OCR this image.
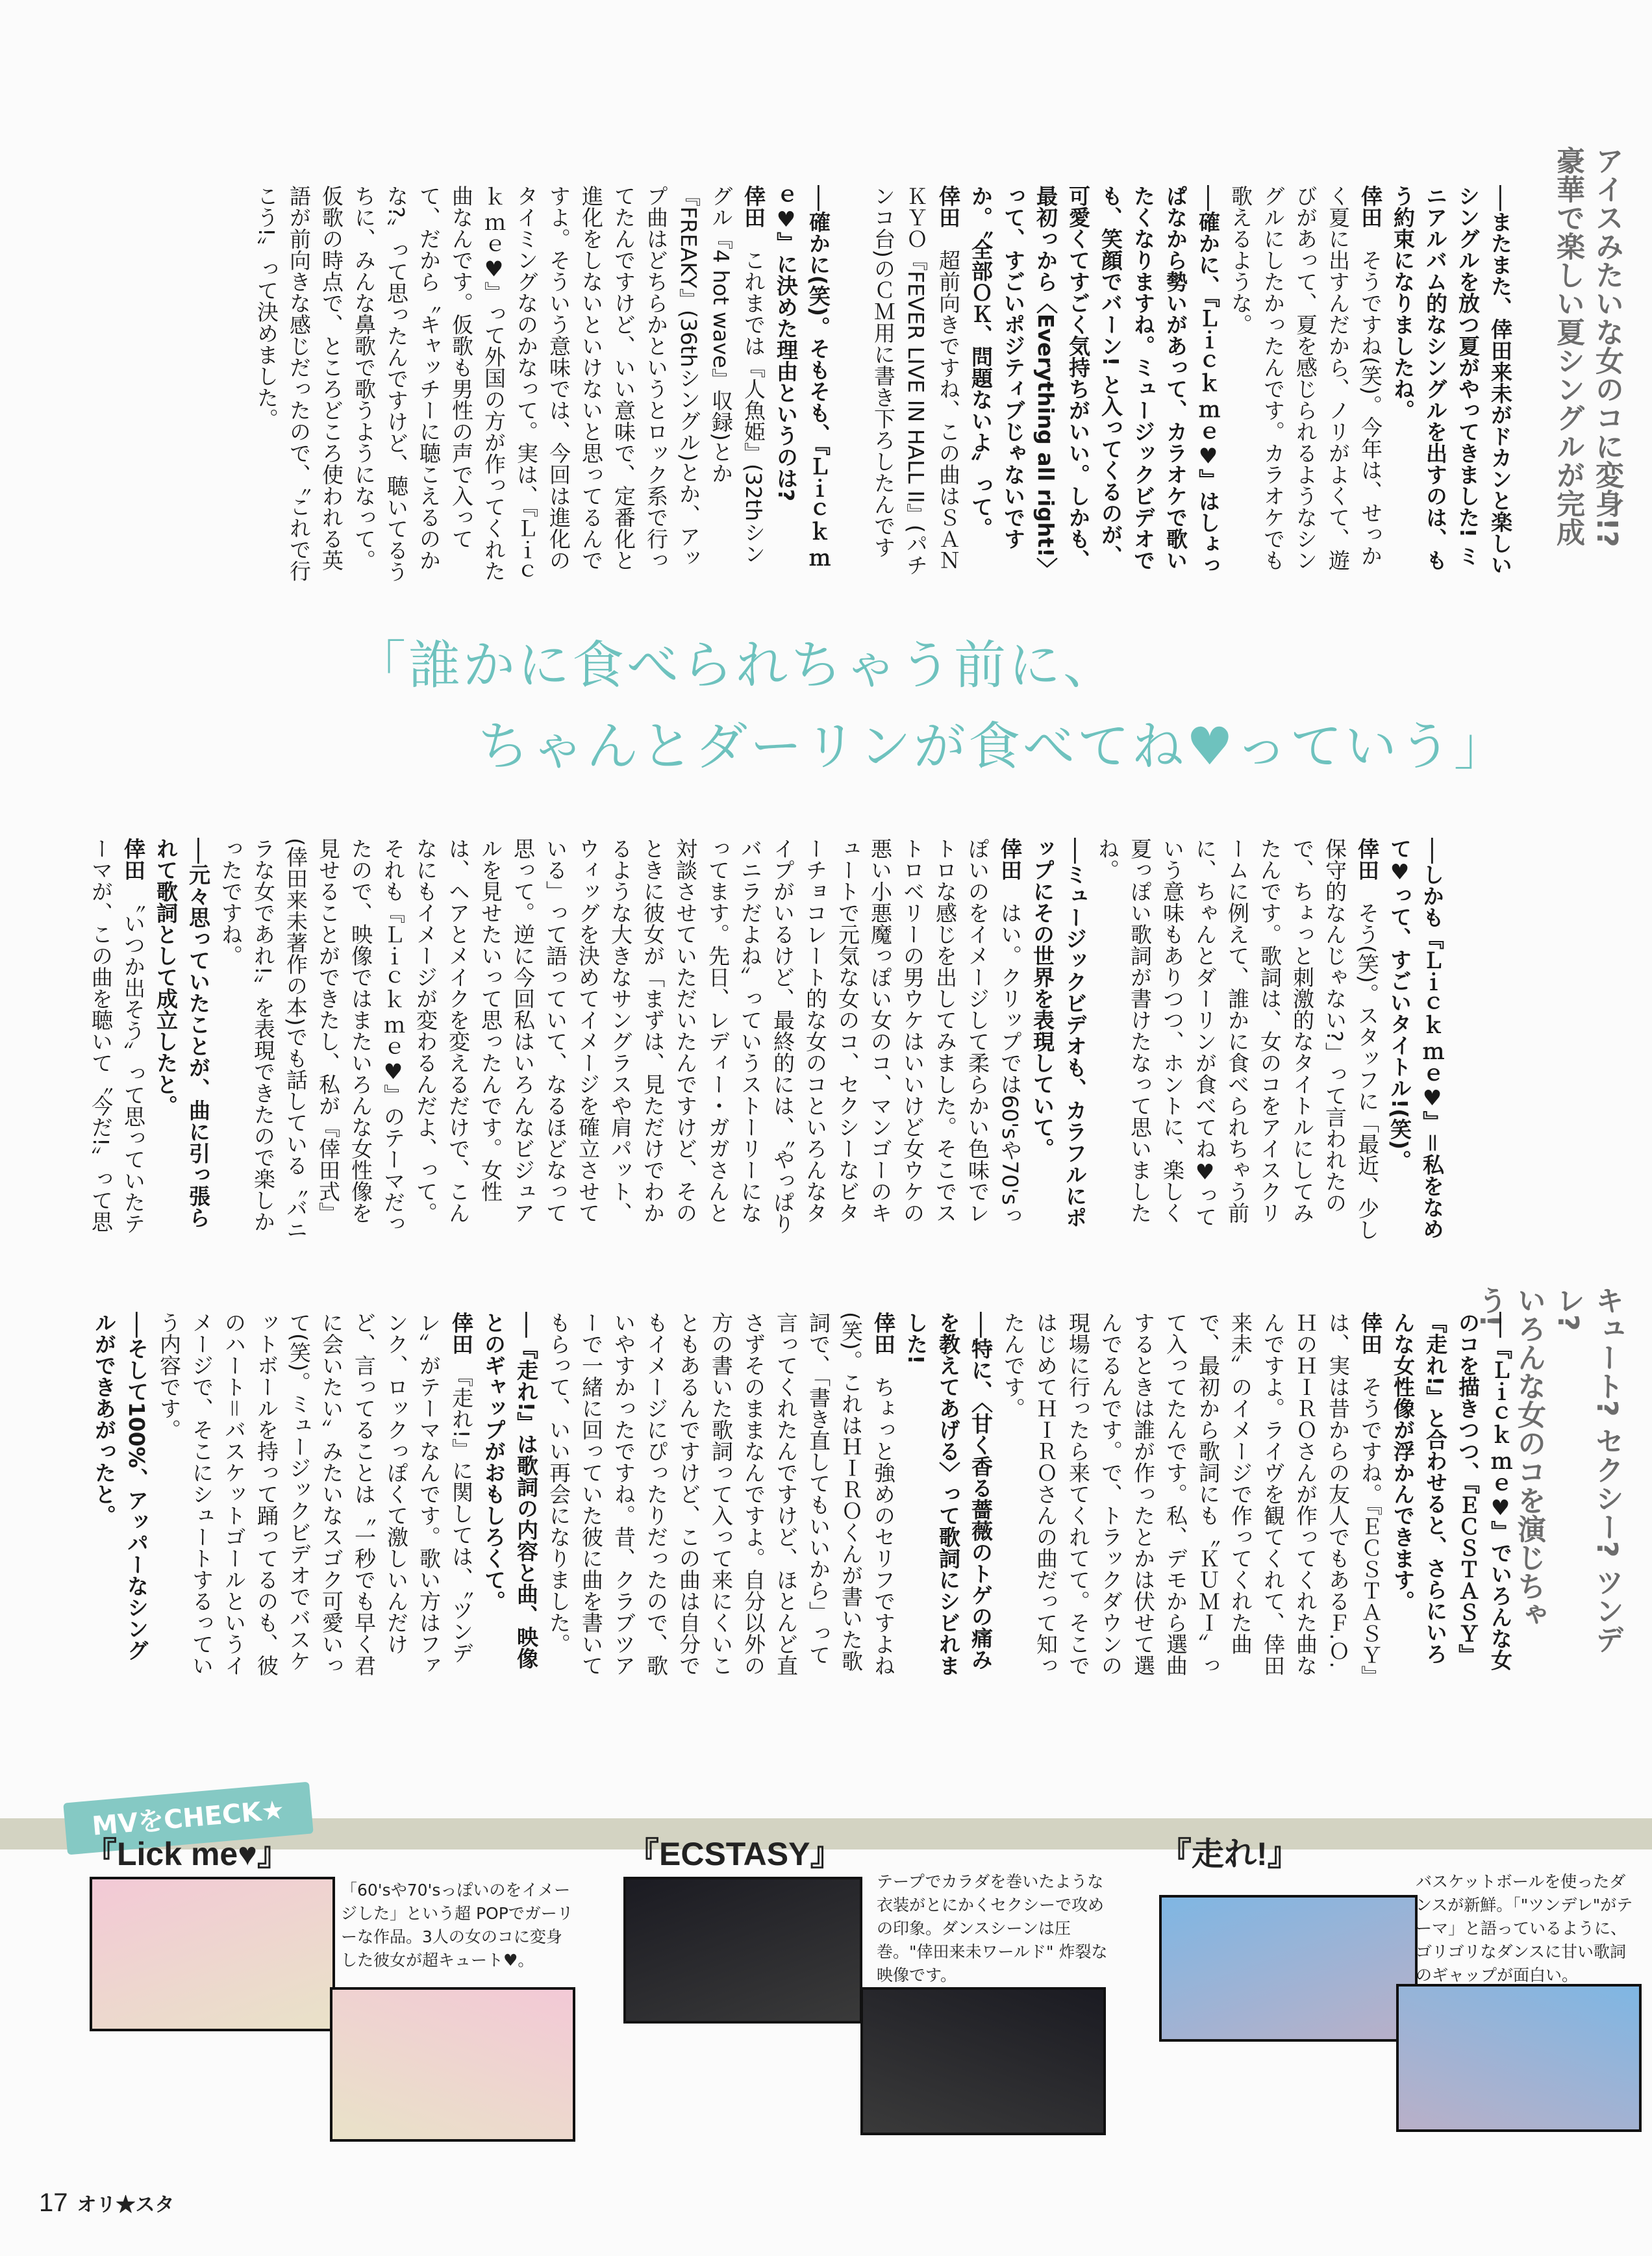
アイスみたいな女のコに変身!?
豪華で楽しい夏シングルが完成

──またまた、倖田来未がドカンと楽しいシングルを放つ夏がやってきました! ミニアルバム的なシングルを出すのは、もう約束になりましたね。

倖田　そうですね(笑)。今年は、せっかく夏に出すんだから、ノリがよくて、遊びがあって、夏を感じられるようなシングルにしたかったんです。カラオケでも歌えるような。

──確かに、『Ｌｉｃｋ ｍｅ♥』はしょっぱなから勢いがあって、カラオケで歌いたくなりますね。ミュージックビデオでも、笑顔でバーン! と入ってくるのが、可愛くてすごく気持ちがいい。しかも、最初っから〈Everything all right!〉って、すごいポジティブじゃないですか。〝全部ＯＫ、問題ないよ〟って。

倖田　超前向きですね、この曲はＳＡＮＫＹＯ『FEVER LIVE IN HALL II』(パチンコ台)のＣＭ用に書き下ろしたんです

──確かに(笑)。そもそも、『Ｌｉｃｋ ｍｅ♥』に決めた理由というのは?

倖田　これまでは『人魚姫』(32thシングル『4 hot wave』収録)とか『FREAKY』(36thシングル)とか、アップ曲はどちらかというとロック系で行ってたんですけど、いい意味で、定番化と進化をしないといけないと思ってるんですよ。そういう意味では、今回は進化のタイミングなのかなって。実は、『Ｌｉｃｋ ｍｅ♥』って外国の方が作ってくれた曲なんです。仮歌も男性の声で入ってて、だから〝キャッチーに聴こえるのかな?〟って思ったんですけど、聴いてるうちに、みんな鼻歌で歌うようになって。仮歌の時点で、ところどころ使われる英語が前向きな感じだったので、〝これで行こう!〟って決めました。

「誰かに食べられちゃう前に、
ちゃんとダーリンが食べてね♥っていう」

──しかも『Ｌｉｃｋ ｍｅ♥』＝私をなめて♥って、すごいタイトル!(笑)。

倖田　そう(笑)。スタッフに「最近、少し保守的なんじゃない?」って言われたので、ちょっと刺激的なタイトルにしてみたんです。歌詞は、女のコをアイスクリームに例えて、誰かに食べられちゃう前に、ちゃんとダーリンが食べてね♥っていう意味もありつつ、ホントに、楽しく夏っぽい歌詞が書けたなって思いましたね。

──ミュージックビデオも、カラフルにポップにその世界を表現していて。

倖田　はい。クリップでは60'sや70'sっぽいのをイメージして柔らかい色味でレトロな感じを出してみました。そこでストロベリーの男ウケはいいけど女ウケの悪い小悪魔っぽい女のコ、マンゴーのキュートで元気な女のコ、セクシーなビターチョコレート的な女のコといろんなタイプがいるけど、最終的には、〝やっぱりバニラだよね〟っていうストーリーになってます。先日、レディー・ガガさんと対談させていただいたんですけど、そのときに彼女が「まずは、見ただけでわかるような大きなサングラスや肩パット、ウィッグを決めてイメージを確立させている」って語っていて、なるほどなって思って。逆に今回私はいろんなビジュアルを見せたいって思ったんです。女性は、ヘアとメイクを変えるだけで、こんなにもイメージが変わるんだよ、って。それも『Ｌｉｃｋ ｍｅ♥』のテーマだったので、映像ではまたいろんな女性像を見せることができたし、私が『倖田式』(倖田来未著作の本)でも話している〝バニラな女であれ!〟を表現できたので楽しかったですね。

──元々思っていたことが、曲に引っ張られて歌詞として成立したと。

倖田　〝いつか出そう〟って思っていたテーマが、この曲を聴いて〝今だ!〟って思

キュート? セクシー? ツンデレ?
いろんな女のコを演じちゃう!

──『Ｌｉｃｋ ｍｅ♥』でいろんな女のコを描きつつ、『ＥＣＳＴＡＳＹ』『走れ!』と合わせると、さらにいろんな女性像が浮かんできます。

倖田　そうですね。『ＥＣＳＴＡＳＹ』は、実は昔からの友人でもあるＦ.Ｏ.ＨのＨＩＲＯさんが作ってくれた曲なんですよ。ライヴを観てくれて、倖田来未〟のイメージで作ってくれた曲で、最初から歌詞にも〝ＫＵＭＩ〟って入ってたんです。私、デモから選曲するときは誰が作ったとかは伏せて選んでるんです。で、トラックダウンの現場に行ったら来てくれてて。そこではじめてＨＩＲＯさんの曲だって知ったんです。

──特に、〈甘く香る薔薇のトゲの痛みを教えてあげる〉って歌詞にシビれました!

倖田　ちょっと強めのセリフですよね(笑)。これはＨＩＲＯくんが書いた歌詞で、「書き直してもいいから」って言ってくれたんですけど、ほとんど直さずそのままなんですよ。自分以外の方の書いた歌詞って入って来にくいこともあるんですけど、この曲は自分でもイメージにぴったりだったので、歌いやすかったですね。昔、クラブツアーで一緒に回っていた彼に曲を書いてもらって、いい再会になりました。

──『走れ!』は歌詞の内容と曲、映像とのギャップがおもしろくて。

倖田　『走れ!』に関しては、〝ツンデレ〟がテーマなんです。歌い方はファンク、ロックっぽくて激しいんだけど、言ってることは〝一秒でも早く君に会いたい〟みたいなスゴク可愛いって(笑)。ミュージックビデオでバスケットボールを持って踊ってるのも、彼のハート＝バスケットゴールというイメージで、そこにシュートするっていう内容です。

──そして100%、アッパーなシングルができあがったと。

MVをCHECK★
『Lick me♥』
「60'sや70'sっぽいのをイメージした」という超 POPでガーリーな作品。3人の女のコに変身した彼女が超キュート♥。
『ECSTASY』
テープでカラダを巻いたような衣装がとにかくセクシーで攻めの印象。ダンスシーンは圧巻。"倖田来未ワールド" 炸裂な映像です。
『走れ!』
バスケットボールを使ったダンスが新鮮。「"ツンデレ"がテーマ」と語っているように、ゴリゴリなダンスに甘い歌詞のギャップが面白い。
17 オリ★スタ
